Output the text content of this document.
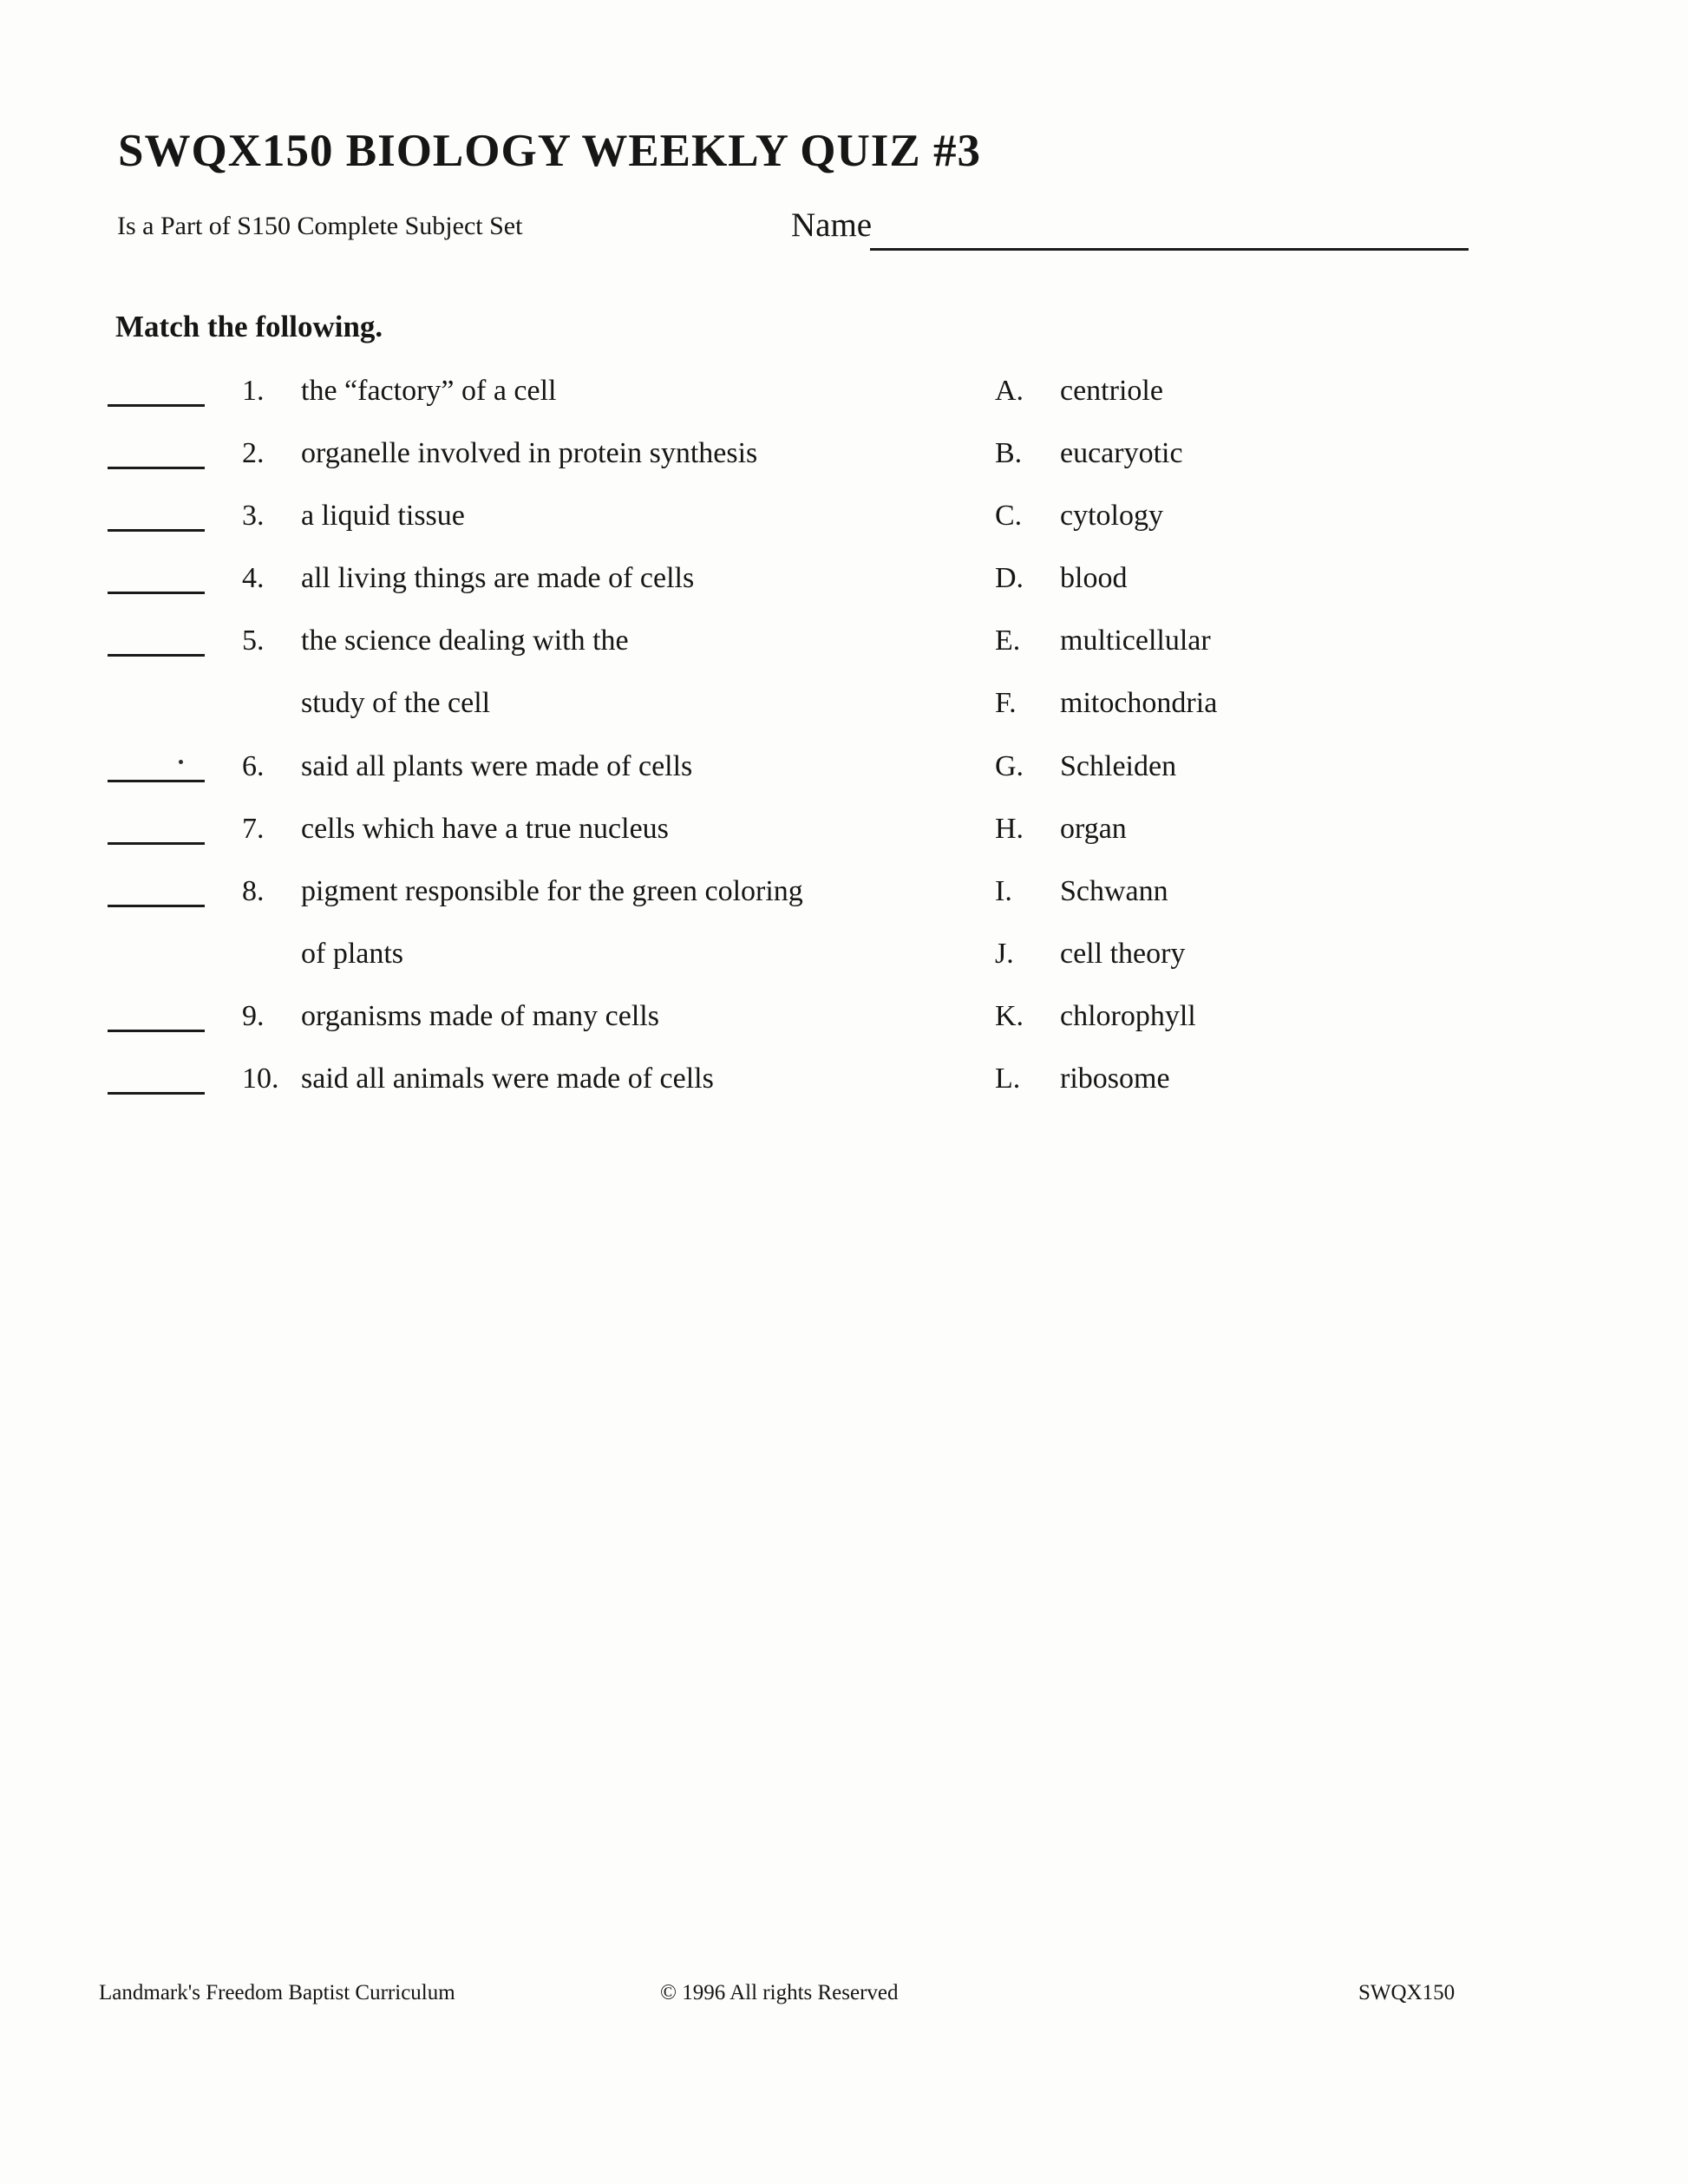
SWQX150 BIOLOGY WEEKLY QUIZ #3
Is a Part of S150 Complete Subject Set	Name
Match the following.
1. the “factory” of a cell	A. centriole
2. organelle involved in protein synthesis	B. eucaryotic
3. a liquid tissue	C. cytology
4. all living things are made of cells	D. blood
5. the science dealing with the	E. multicellular
study of the cell	F. mitochondria
6. said all plants were made of cells	G. Schleiden
7. cells which have a true nucleus	H. organ
8. pigment responsible for the green coloring	I. Schwann
of plants	J. cell theory
9. organisms made of many cells	K. chlorophyll
10. said all animals were made of cells	L. ribosome
Landmark's Freedom Baptist Curriculum	© 1996 All rights Reserved	SWQX150
